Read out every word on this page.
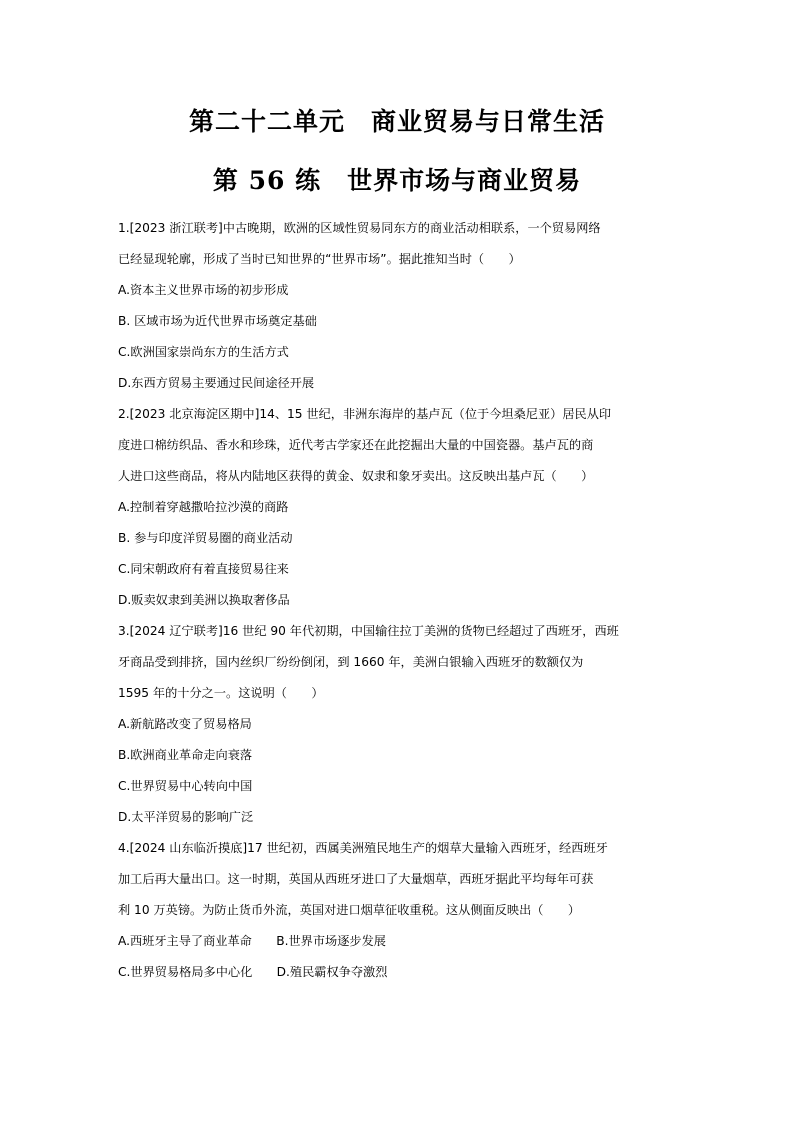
第二十二单元　商业贸易与日常生活
第 56 练　世界市场与商业贸易
1.[2023 浙江联考]中古晚期，欧洲的区域性贸易同东方的商业活动相联系，一个贸易网络
已经显现轮廓，形成了当时已知世界的“世界市场”。据此推知当时（　　）
A.资本主义世界市场的初步形成
B. 区域市场为近代世界市场奠定基础
C.欧洲国家崇尚东方的生活方式
D.东西方贸易主要通过民间途径开展
2.[2023 北京海淀区期中]14、15 世纪，非洲东海岸的基卢瓦（位于今坦桑尼亚）居民从印
度进口棉纺织品、香水和珍珠，近代考古学家还在此挖掘出大量的中国瓷器。基卢瓦的商
人进口这些商品，将从内陆地区获得的黄金、奴隶和象牙卖出。这反映出基卢瓦（　　）
A.控制着穿越撒哈拉沙漠的商路
B. 参与印度洋贸易圈的商业活动
C.同宋朝政府有着直接贸易往来
D.贩卖奴隶到美洲以换取奢侈品
3.[2024 辽宁联考]16 世纪 90 年代初期，中国输往拉丁美洲的货物已经超过了西班牙，西班
牙商品受到排挤，国内丝织厂纷纷倒闭，到 1660 年，美洲白银输入西班牙的数额仅为
1595 年的十分之一。这说明（　　）
A.新航路改变了贸易格局
B.欧洲商业革命走向衰落
C.世界贸易中心转向中国
D.太平洋贸易的影响广泛
4.[2024 山东临沂摸底]17 世纪初，西属美洲殖民地生产的烟草大量输入西班牙，经西班牙
加工后再大量出口。这一时期，英国从西班牙进口了大量烟草，西班牙据此平均每年可获
利 10 万英镑。为防止货币外流，英国对进口烟草征收重税。这从侧面反映出（　　）
A.西班牙主导了商业革命　　B.世界市场逐步发展
C.世界贸易格局多中心化　　D.殖民霸权争夺激烈
